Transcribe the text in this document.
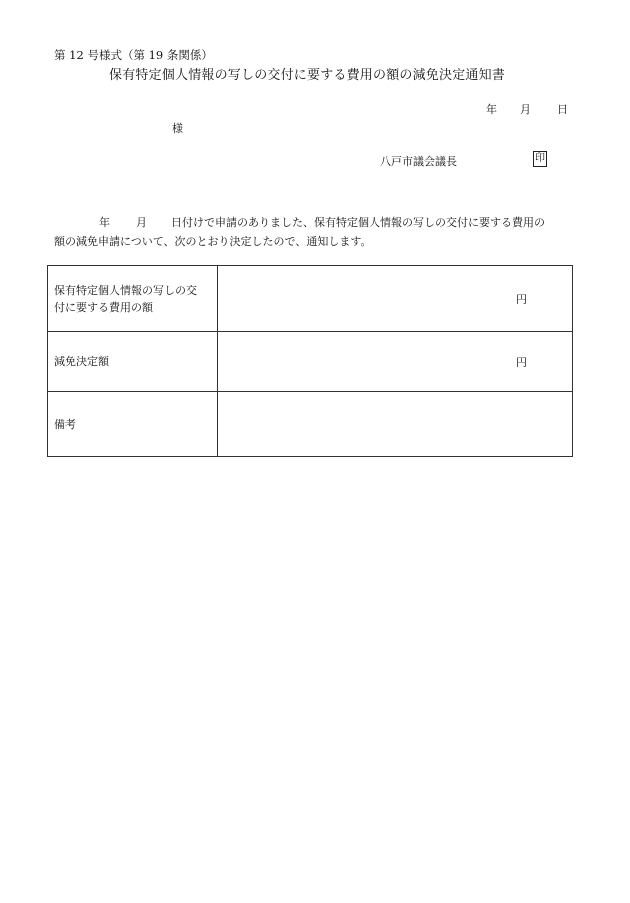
第 12 号様式（第 19 条関係）
保有特定個人情報の写しの交付に要する費用の額の減免決定通知書
年 月 日
様
八戸市議会議長	印
年 月 日付けで申請のありました、保有特定個人情報の写しの交付に要する費用の
額の減免申請について、次のとおり決定したので、通知します。
保有特定個人情報の写しの交
付に要する費用の額	円

減免決定額	円

備考	
